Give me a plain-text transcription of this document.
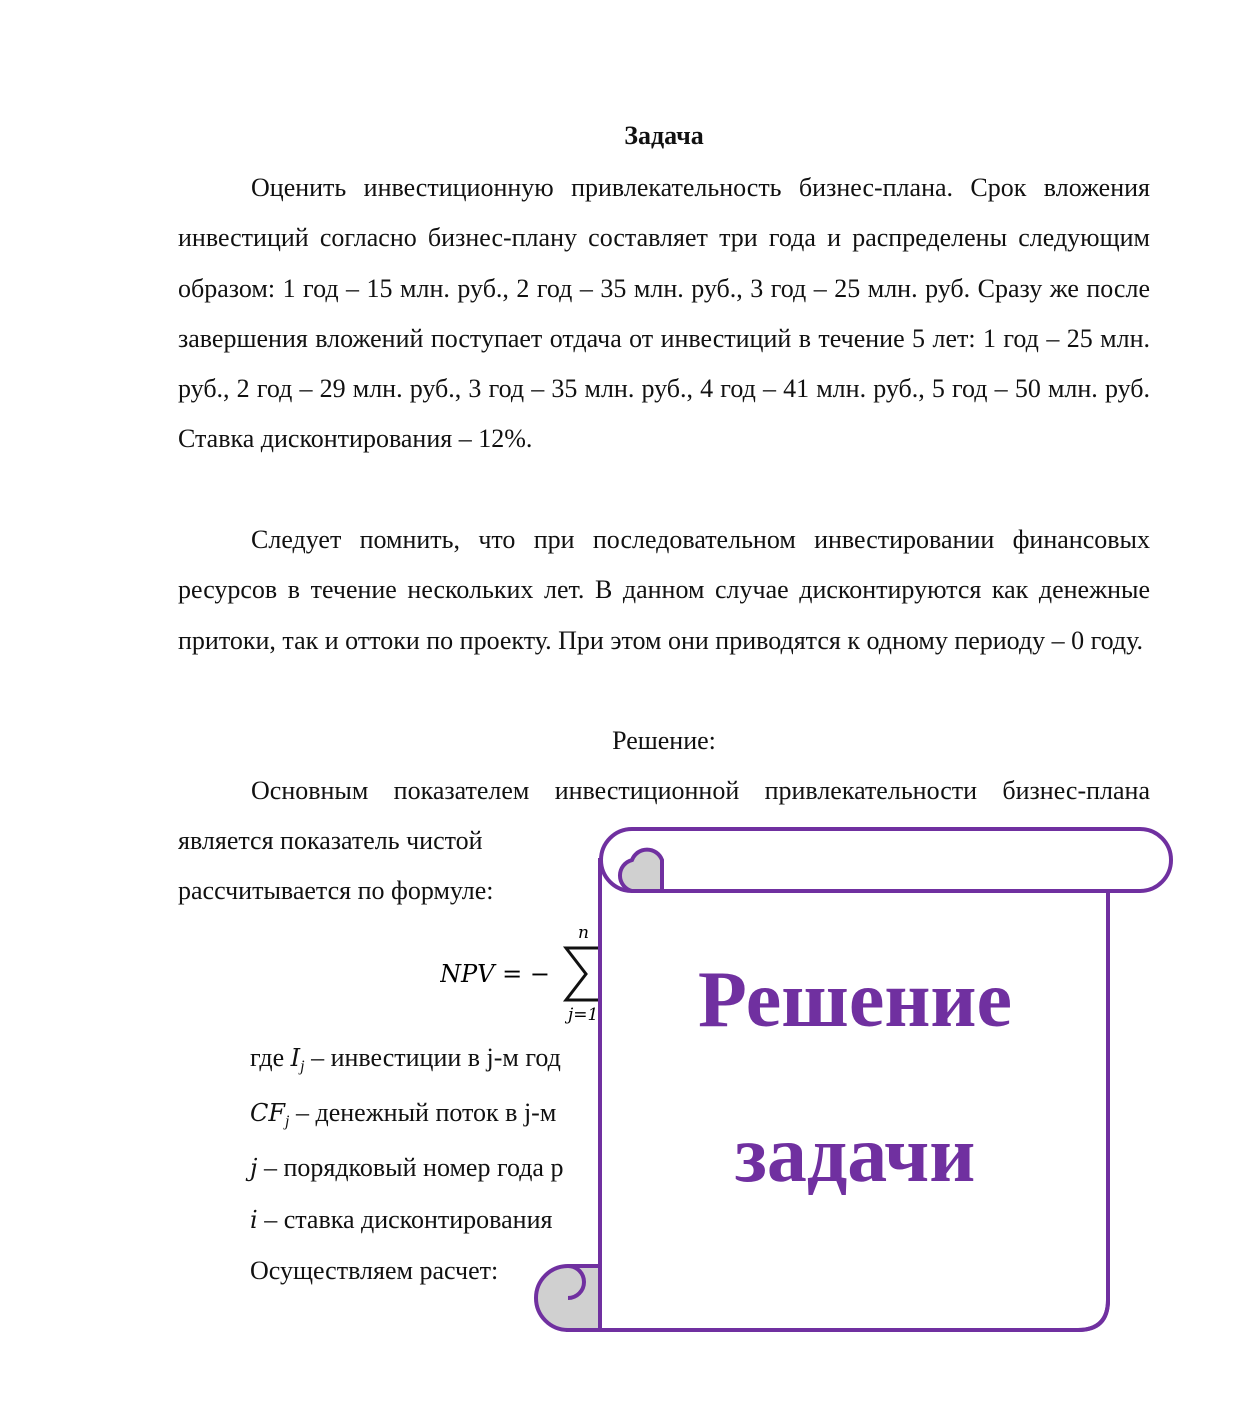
Задача
Оценить инвестиционную привлекательность бизнес-плана. Срок вложения инвестиций согласно бизнес-плану составляет три года и распределены следующим образом: 1 год – 15 млн. руб., 2 год – 35 млн. руб., 3 год – 25 млн. руб. Сразу же после завершения вложений поступает отдача от инвестиций в течение 5 лет: 1 год – 25 млн. руб., 2 год – 29 млн. руб., 3 год – 35 млн. руб., 4 год – 41 млн. руб., 5 год – 50 млн. руб. Ставка дисконтирования – 12%.
Следует помнить, что при последовательном инвестировании финансовых ресурсов в течение нескольких лет. В данном случае дисконтируются как денежные притоки, так и оттоки по проекту. При этом они приводятся к одному периоду – 0 году.
Решение:
Основным показателем инвестиционной привлекательности бизнес-плана является показатель чистой
рассчитывается по формуле:
NPV = −
n
j=1
где $I_j$ – инвестиции в j-м год
$CF_j$ – денежный поток в j-м
j – порядковый номер года р
i – ставка дисконтирования
Осуществляем расчет:
Решение
задачи
